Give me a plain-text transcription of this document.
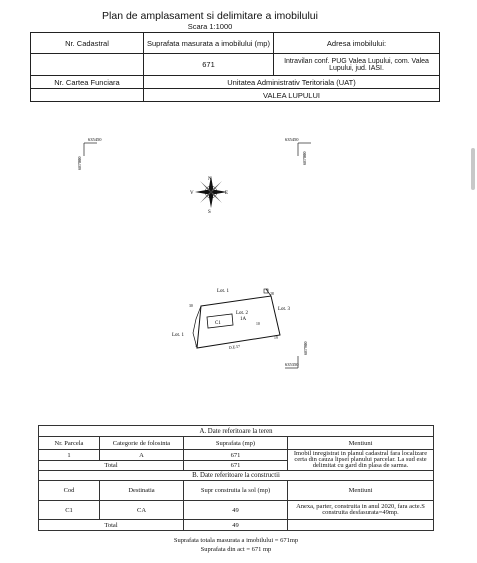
Plan de amplasament si delimitare a imobilului
Scara 1:1000
Nr. Cadastral	Suprafata masurata a imobilului (mp)	Adresa imobilului:
	671	Intravilan conf. PUG Valea Lupului, com. Valea Lupului, jud. IASI.
Nr. Cartea Funciara	Unitatea Administrativ Teritoriala (UAT)	
	VALEA LUPULUI	
635450
687000
635450
687000
N
S
E
V
Lot. 1
Lot. 1
Lot. 2
Lot. 3
1A
C1
30
28
19
10
1	D.E.57
635350
687900
A. Date referitoare la teren			
Nr. Parcela	Categorie de folosinta	Suprafata (mp)	Mentiuni
1	A	671	Imobil inregistrat in planul cadastral fara localizare certa din cauza lipsei planului parcelar. La sud este delimitat cu gard din plasa de sarma.
Total		671	
B. Date referitoare la constructii			
Cod	Destinatia	Supr construita la sol (mp)	Mentiuni
C1	CA	49	Anexa, parter, construita in anul 2020, fara acte.S construita desfasurata=49mp.
Total		49	
Suprafata totala masurata a imobilului = 671mp
Suprafata din act = 671 mp
